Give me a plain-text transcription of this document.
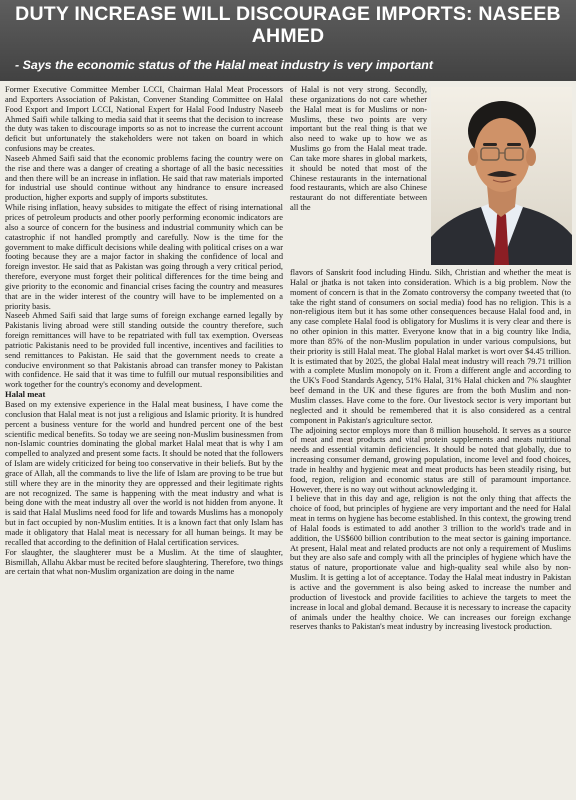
DUTY INCREASE WILL DISCOURAGE IMPORTS: NASEEB AHMED
- Says the economic status of the Halal meat industry is very important

Former Executive Committee Member LCCI, Chairman Halal Meat Processors and Exporters Association of Pakistan, Convener Standing Committee on Halal Food Export and Import LCCI, National Expert for Halal Food Industry Naseeb Ahmed Saifi while talking to media said that it seems that the decision to increase the duty was taken to discourage imports so as not to increase the current account deficit but unfortunately the stakeholders were not taken on board in which confusions may be creates.

Naseeb Ahmed Saifi said that the economic problems facing the country were on the rise and there was a danger of creating a shortage of all the basic necessities and then there will be an increase in inflation. He said that raw materials imported for industrial use should continue without any hindrance to ensure increased production, higher exports and supply of imports substitutes.

While rising inflation, heavy subsides to mitigate the effect of rising international prices of petroleum products and other poorly performing economic indicators are also a source of concern for the business and industrial community which can be catastrophic if not handled promptly and carefully. Now is the time for the government to make difficult decisions while dealing with political crises on a war footing because they are a major factor in shaking the confidence of local and foreign investor. He said that as Pakistan was going through a very critical period, therefore, everyone must forget their political differences for the time being and give priority to the economic and financial crises facing the country and measures that are in the wider interest of the country will have to be implemented on a priority basis.

Naseeb Ahmed Saifi said that large sums of foreign exchange earned legally by Pakistanis living abroad were still standing outside the country therefore, such foreign remittances will have to be repatriated with full tax exemption. Overseas patriotic Pakistanis need to be provided full incentive, incentives and facilities to send remittances to Pakistan. He said that the government needs to create a conducive environment so that Pakistanis abroad can transfer money to Pakistan with confidence. He said that it was time to fulfill our mutual responsibilities and work together for the country's economy and development.

Halal meat

Based on my extensive experience in the Halal meat business, I have come the conclusion that Halal meat is not just a religious and Islamic priority. It is hundred percent a business venture for the world and hundred percent one of the best scientific medical benefits. So today we are seeing non-Muslim businessmen from non-Islamic countries dominating the global market Halal meat that is why I am compelled to analyzed and present some facts. It should be noted that the followers of Islam are widely criticized for being too conservative in their beliefs. But by the grace of Allah, all the commands to live the life of Islam are proving to be true but still where they are in the minority they are oppressed and their legitimate rights are not recognized. The same is happening with the meat industry and what is being done with the meat industry all over the world is not hidden from anyone. It is said that Halal Muslims need food for life and towards Muslims has a monopoly but in fact occupied by non-Muslim entities. It is a known fact that only Islam has made it obligatory that Halal meat is necessary for all human beings. It may be recalled that according to the definition of Halal certification services.

For slaughter, the slaughterer must be a Muslim. At the time of slaughter, Bismillah, Allahu Akbar must be recited before slaughtering. Therefore, two things are certain that what non-Muslim organization are doing in the name

of Halal is not very strong. Secondly, these organizations do not care whether the Halal meat is for Muslims or non-Muslims, these two points are very important but the real thing is that we also need to wake up to how we as Muslims go from the Halal meat trade. Can take more shares in global markets, it should be noted that most of the Chinese restaurants in the international food restaurants, which are also Chinese restaurant do not differentiate between all the

flavors of Sanskrit food including Hindu. Sikh, Christian and whether the meat is Halal or jhatka is not taken into consideration. Which is a big problem. Now the moment of concern is that in the Zomato controversy the company tweeted that (to take the right stand of consumers on social media) food has no religion. This is a non-religious item but it has some other consequences because Halal food and, in any case complete Halal food is obligatory for Muslims it is very clear and there is no other opinion in this matter. Everyone know that in a big country like India, more than 85% of the non-Muslim population in under various compulsions, but their priority is still Halal meat. The global Halal market is wort over $4.45 trillion. It is estimated that by 2025, the global Halal meat industry will reach 79.71 trillion with a complete Muslim monopoly on it. From a different angle and according to the UK's Food Standards Agency, 51% Halal, 31% Halal chicken and 7% slaughter beef demand in the UK and these figures are from the both Muslim and non-Muslim classes. Have come to the fore. Our livestock sector is very important but neglected and it should be remembered that it is also considered as a central component in Pakistan's agriculture sector.

The adjoining sector employs more than 8 million household. It serves as a source of meat and meat products and vital protein supplements and meats nutritional needs and essential vitamin deficiencies. It should be noted that globally, due to increasing consumer demand, growing population, income level and food choices, trade in healthy and hygienic meat and meat products has been steadily rising, but food, region, religion and economic status are still of paramount importance. However, there is no way out without acknowledging it.

I believe that in this day and age, religion is not the only thing that affects the choice of food, but principles of hygiene are very important and the need for Halal meat in terms on hygiene has become established. In this context, the growing trend of Halal foods is estimated to add another 3 trillion to the world's trade and in addition, the US$600 billion contribution to the meat sector is gaining importance. At present, Halal meat and related products are not only a requirement of Muslims but they are also safe and comply with all the principles of hygiene which have the status of nature, proportionate value and high-quality seal while also by non-Muslim. It is getting a lot of acceptance. Today the Halal meat industry in Pakistan is active and the government is also being asked to increase the number and production of livestock and provide facilities to achieve the targets to meet the increase in local and global demand. Because it is necessary to increase the capacity of animals under the healthy choice. We can increases our foreign exchange reserves thanks to Pakistan's meat industry by increasing livestock production.
